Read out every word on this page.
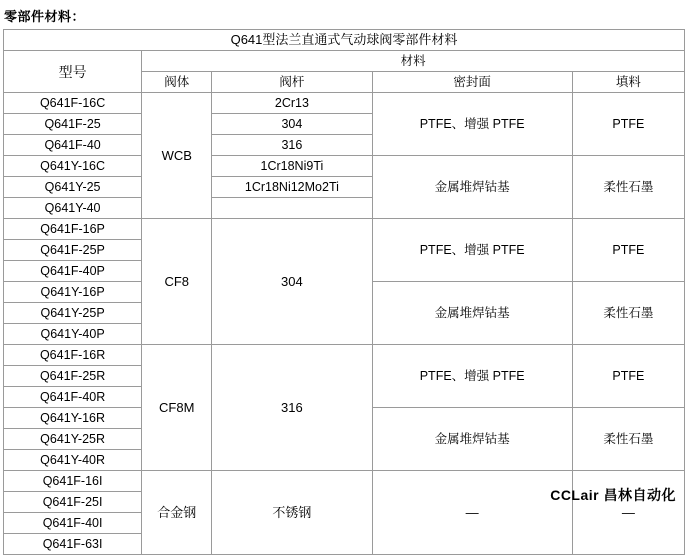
零部件材料：
Q641型法兰直通式气动球阀零部件材料				
型号	材料			
	阀体	阀杆	密封面	填料
Q641F-16C	WCB	2Cr13	PTFE、增强 PTFE	PTFE
Q641F-25		304		
Q641F-40		316		
Q641Y-16C		1Cr18Ni9Ti	金属堆焊钴基	柔性石墨
Q641Y-25		1Cr18Ni12Mo2Ti		
Q641Y-40				
Q641F-16P	CF8	304	PTFE、增强 PTFE	PTFE
Q641F-25P				
Q641F-40P				
Q641Y-16P			金属堆焊钴基	柔性石墨
Q641Y-25P				
Q641Y-40P				
Q641F-16R	CF8M	316	PTFE、增强 PTFE	PTFE
Q641F-25R				
Q641F-40R				
Q641Y-16R			金属堆焊钴基	柔性石墨
Q641Y-25R				
Q641Y-40R				
Q641F-16I	合金钢	不锈钢	—	—
Q641F-25I				
Q641F-40I				
Q641F-63I				
CCLair 昌林自动化
